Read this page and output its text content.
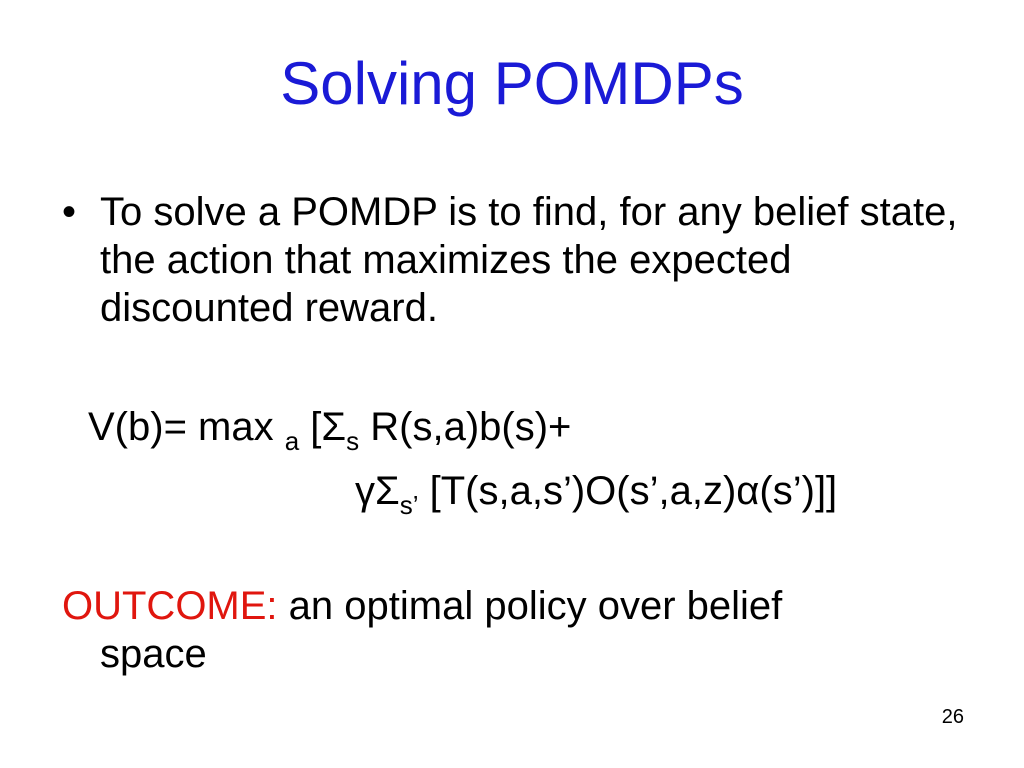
Solving POMDPs
• To solve a POMDP is to find, for any belief state, the action that maximizes the expected discounted reward.
V(b)= max $_a$ [$\Sigma_s$ R(s,a)b(s)+
$\gamma\Sigma_{s’}$ [T(s,a,s’)O(s’,a,z)α(s’)]]
OUTCOME: an optimal policy over belief
space
26
